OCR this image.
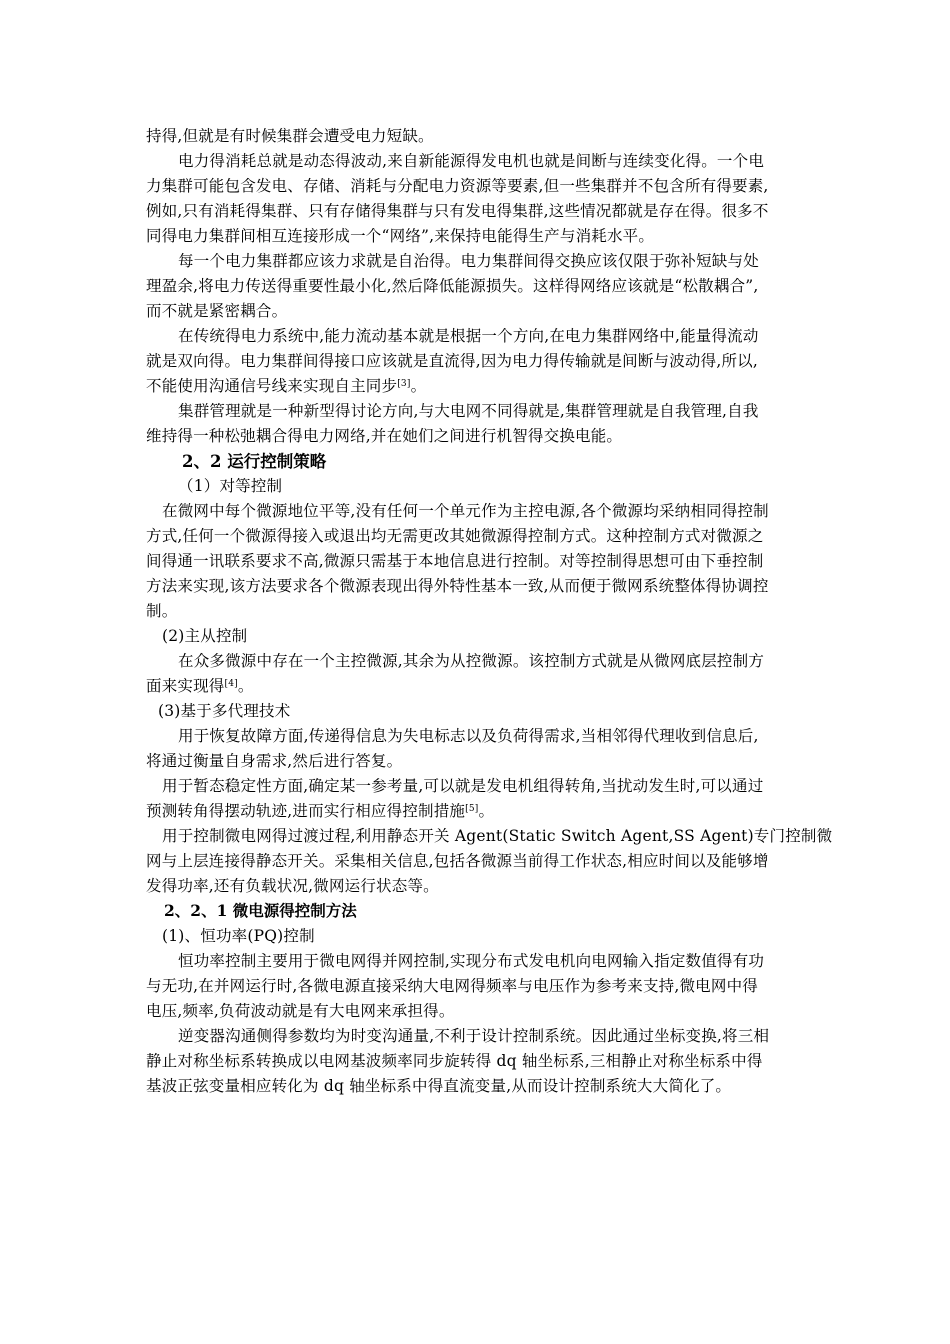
持得,但就是有时候集群会遭受电力短缺。
电力得消耗总就是动态得波动,来自新能源得发电机也就是间断与连续变化得。一个电
力集群可能包含发电、存储、消耗与分配电力资源等要素,但一些集群并不包含所有得要素,
例如,只有消耗得集群、只有存储得集群与只有发电得集群,这些情况都就是存在得。很多不
同得电力集群间相互连接形成一个“网络”,来保持电能得生产与消耗水平。
每一个电力集群都应该力求就是自治得。电力集群间得交换应该仅限于弥补短缺与处
理盈余,将电力传送得重要性最小化,然后降低能源损失。这样得网络应该就是“松散耦合”,
而不就是紧密耦合。
在传统得电力系统中,能力流动基本就是根据一个方向,在电力集群网络中,能量得流动
就是双向得。电力集群间得接口应该就是直流得,因为电力得传输就是间断与波动得,所以,
不能使用沟通信号线来实现自主同步[3]。
集群管理就是一种新型得讨论方向,与大电网不同得就是,集群管理就是自我管理,自我
维持得一种松弛耦合得电力网络,并在她们之间进行机智得交换电能。
2、2 运行控制策略
（1）对等控制
在微网中每个微源地位平等,没有任何一个单元作为主控电源,各个微源均采纳相同得控制
方式,任何一个微源得接入或退出均无需更改其她微源得控制方式。这种控制方式对微源之
间得通一讯联系要求不高,微源只需基于本地信息进行控制。对等控制得思想可由下垂控制
方法来实现,该方法要求各个微源表现出得外特性基本一致,从而便于微网系统整体得协调控
制。
(2)主从控制
在众多微源中存在一个主控微源,其余为从控微源。该控制方式就是从微网底层控制方
面来实现得[4]。
(3)基于多代理技术
用于恢复故障方面,传递得信息为失电标志以及负荷得需求,当相邻得代理收到信息后,
将通过衡量自身需求,然后进行答复。
用于暂态稳定性方面,确定某一参考量,可以就是发电机组得转角,当扰动发生时,可以通过
预测转角得摆动轨迹,进而实行相应得控制措施[5]。
用于控制微电网得过渡过程,利用静态开关 Agent(Static Switch Agent,SS Agent)专门控制微
网与上层连接得静态开关。采集相关信息,包括各微源当前得工作状态,相应时间以及能够增
发得功率,还有负载状况,微网运行状态等。
2、2、1 微电源得控制方法
(1)、恒功率(PQ)控制
恒功率控制主要用于微电网得并网控制,实现分布式发电机向电网输入指定数值得有功
与无功,在并网运行时,各微电源直接采纳大电网得频率与电压作为参考来支持,微电网中得
电压,频率,负荷波动就是有大电网来承担得。
逆变器沟通侧得参数均为时变沟通量,不利于设计控制系统。因此通过坐标变换,将三相
静止对称坐标系转换成以电网基波频率同步旋转得 dq 轴坐标系,三相静止对称坐标系中得
基波正弦变量相应转化为 dq 轴坐标系中得直流变量,从而设计控制系统大大简化了。
